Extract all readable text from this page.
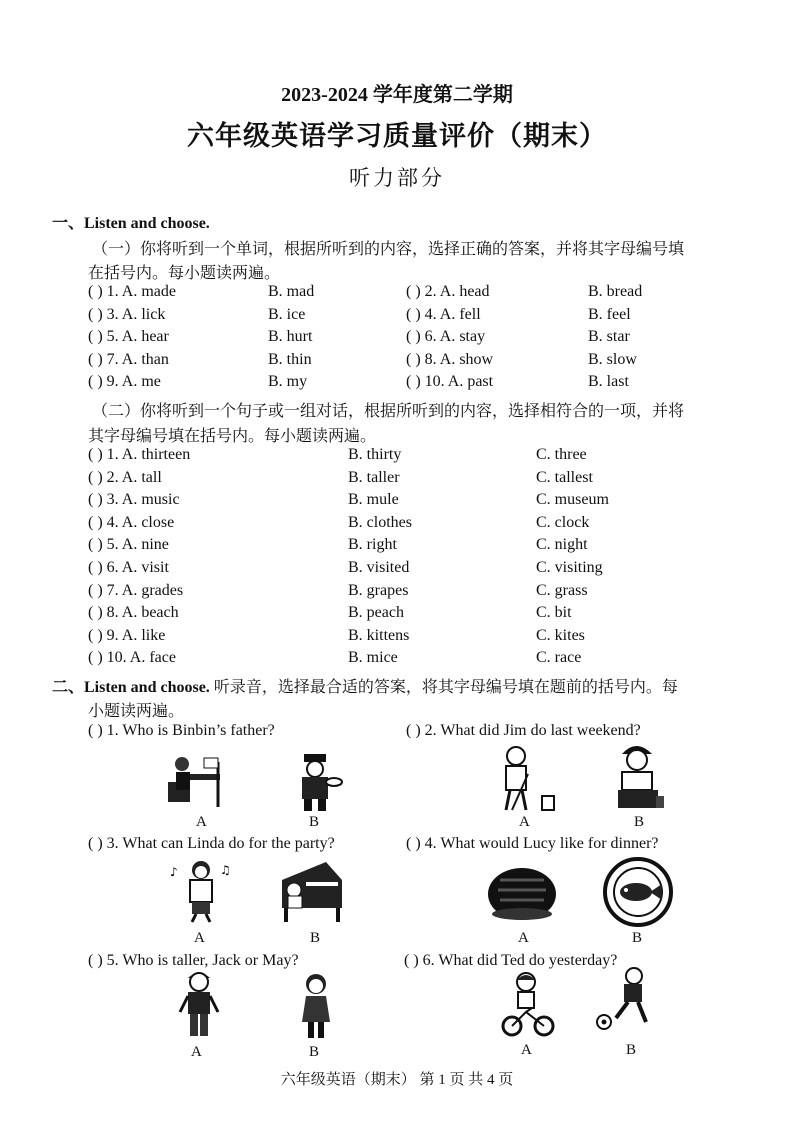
2023-2024 学年度第二学期
六年级英语学习质量评价（期末）
听力部分
一、Listen and choose.
（一）你将听到一个单词，根据所听到的内容，选择正确的答案，并将其字母编号填
在括号内。每小题读两遍。
( ) 1. A. made	B. mad	( ) 2. A. head	B. bread
( ) 3. A. lick	B. ice	( ) 4. A. fell	B. feel
( ) 5. A. hear	B. hurt	( ) 6. A. stay	B. star
( ) 7. A. than	B. thin	( ) 8. A. show	B. slow
( ) 9. A. me	B. my	( ) 10. A. past	B. last
（二）你将听到一个句子或一组对话，根据所听到的内容，选择相符合的一项，并将
其字母编号填在括号内。每小题读两遍。
( ) 1. A. thirteen	B. thirty	C. three
( ) 2. A. tall	B. taller	C. tallest
( ) 3. A. music	B. mule	C. museum
( ) 4. A. close	B. clothes	C. clock
( ) 5. A. nine	B. right	C. night
( ) 6. A. visit	B. visited	C. visiting
( ) 7. A. grades	B. grapes	C. grass
( ) 8. A. beach	B. peach	C. bit
( ) 9. A. like	B. kittens	C. kites
( ) 10. A. face	B. mice	C. race
二、Listen and choose. 听录音，选择最合适的答案，将其字母编号填在题前的括号内。每
小题读两遍。
( ) 1. Who is Binbin’s father?	( ) 2. What did Jim do last weekend?
( ) 3. What can Linda do for the party?	( ) 4. What would Lucy like for dinner?
( ) 5. Who is taller, Jack or May?	( ) 6. What did Ted do yesterday?
A	B	A	B
♪	♫
A	B	A	B
A	B	A	B
六年级英语（期末） 第 1 页 共 4 页
